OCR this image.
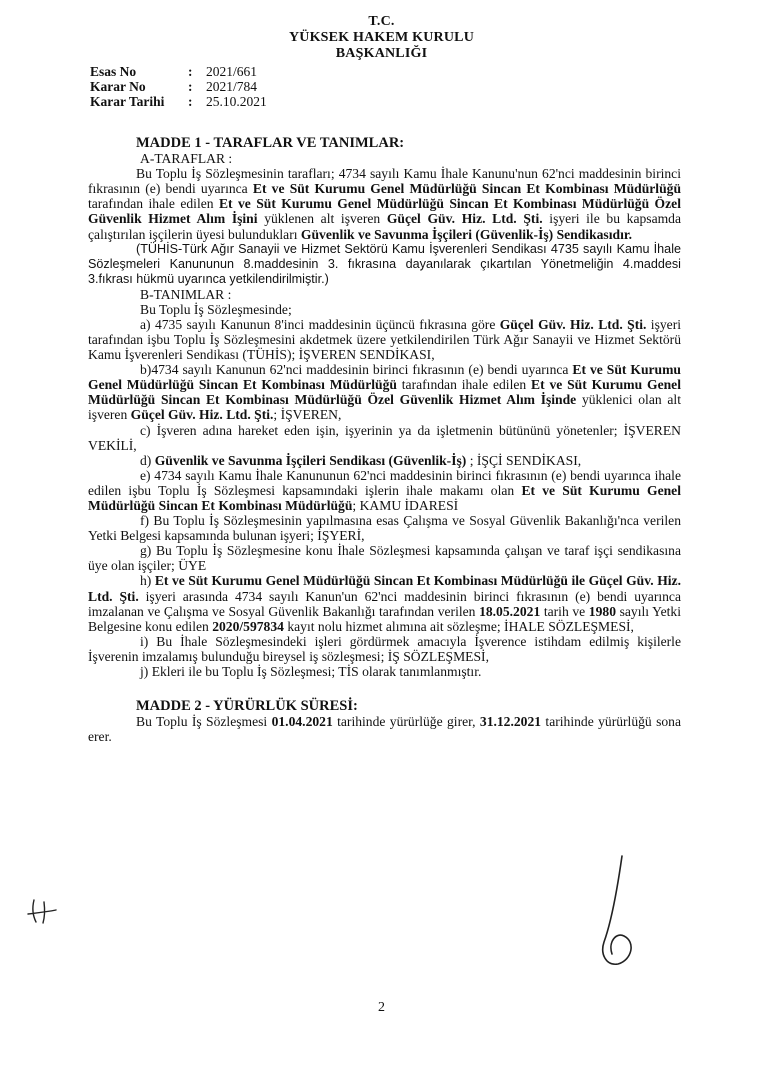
T.C.
YÜKSEK HAKEM KURULU
BAŞKANLIĞI
Esas No	: 2021/661
Karar No	: 2021/784
Karar Tarihi : 25.10.2021

MADDE 1 - TARAFLAR VE TANIMLAR:

A-TARAFLAR :

Bu Toplu İş Sözleşmesinin tarafları; 4734 sayılı Kamu İhale Kanunu'nun 62'nci maddesinin birinci fıkrasının (e) bendi uyarınca Et ve Süt Kurumu Genel Müdürlüğü Sincan Et Kombinası Müdürlüğü tarafından ihale edilen Et ve Süt Kurumu Genel Müdürlüğü Sincan Et Kombinası Müdürlüğü Özel Güvenlik Hizmet Alım İşini yüklenen alt işveren Güçel Güv. Hiz. Ltd. Şti. işyeri ile bu kapsamda çalıştırılan işçilerin üyesi bulundukları Güvenlik ve Savunma İşçileri (Güvenlik-İş) Sendikasıdır.

(TÜHİS-Türk Ağır Sanayii ve Hizmet Sektörü Kamu İşverenleri Sendikası 4735 sayılı Kamu İhale Sözleşmeleri Kanununun 8.maddesinin 3. fıkrasına dayanılarak çıkartılan Yönetmeliğin 4.maddesi 3.fıkrası hükmü uyarınca yetkilendirilmiştir.)

B-TANIMLAR :

Bu Toplu İş Sözleşmesinde;

a) 4735 sayılı Kanunun 8'inci maddesinin üçüncü fıkrasına göre Güçel Güv. Hiz. Ltd. Şti. işyeri tarafından işbu Toplu İş Sözleşmesini akdetmek üzere yetkilendirilen Türk Ağır Sanayii ve Hizmet Sektörü Kamu İşverenleri Sendikası (TÜHİS); İŞVEREN SENDİKASI,

b)4734 sayılı Kanunun 62'nci maddesinin birinci fıkrasının (e) bendi uyarınca Et ve Süt Kurumu Genel Müdürlüğü Sincan Et Kombinası Müdürlüğü tarafından ihale edilen Et ve Süt Kurumu Genel Müdürlüğü Sincan Et Kombinası Müdürlüğü Özel Güvenlik Hizmet Alım İşinde yüklenici olan alt işveren Güçel Güv. Hiz. Ltd. Şti.; İŞVEREN,

c) İşveren adına hareket eden işin, işyerinin ya da işletmenin bütününü yönetenler; İŞVEREN VEKİLİ,

d) Güvenlik ve Savunma İşçileri Sendikası (Güvenlik-İş) ; İŞÇİ SENDİKASI,

e) 4734 sayılı Kamu İhale Kanununun 62'nci maddesinin birinci fıkrasının (e) bendi uyarınca ihale edilen işbu Toplu İş Sözleşmesi kapsamındaki işlerin ihale makamı olan Et ve Süt Kurumu Genel Müdürlüğü Sincan Et Kombinası Müdürlüğü; KAMU İDARESİ

f) Bu Toplu İş Sözleşmesinin yapılmasına esas Çalışma ve Sosyal Güvenlik Bakanlığı'nca verilen Yetki Belgesi kapsamında bulunan işyeri; İŞYERİ,

g) Bu Toplu İş Sözleşmesine konu İhale Sözleşmesi kapsamında çalışan ve taraf işçi sendikasına üye olan işçiler; ÜYE

h) Et ve Süt Kurumu Genel Müdürlüğü Sincan Et Kombinası Müdürlüğü ile Güçel Güv. Hiz. Ltd. Şti. işyeri arasında 4734 sayılı Kanun'un 62'nci maddesinin birinci fıkrasının (e) bendi uyarınca imzalanan ve Çalışma ve Sosyal Güvenlik Bakanlığı tarafından verilen 18.05.2021 tarih ve 1980 sayılı Yetki Belgesine konu edilen 2020/597834 kayıt nolu hizmet alımına ait sözleşme; İHALE SÖZLEŞMESİ,

i) Bu İhale Sözleşmesindeki işleri gördürmek amacıyla İşverence istihdam edilmiş kişilerle İşverenin imzalamış bulunduğu bireysel iş sözleşmesi; İŞ SÖZLEŞMESİ,

j) Ekleri ile bu Toplu İş Sözleşmesi; TİS olarak tanımlanmıştır.

MADDE 2 - YÜRÜRLÜK SÜRESİ:

Bu Toplu İş Sözleşmesi 01.04.2021 tarihinde yürürlüğe girer, 31.12.2021 tarihinde yürürlüğü sona erer.

2
